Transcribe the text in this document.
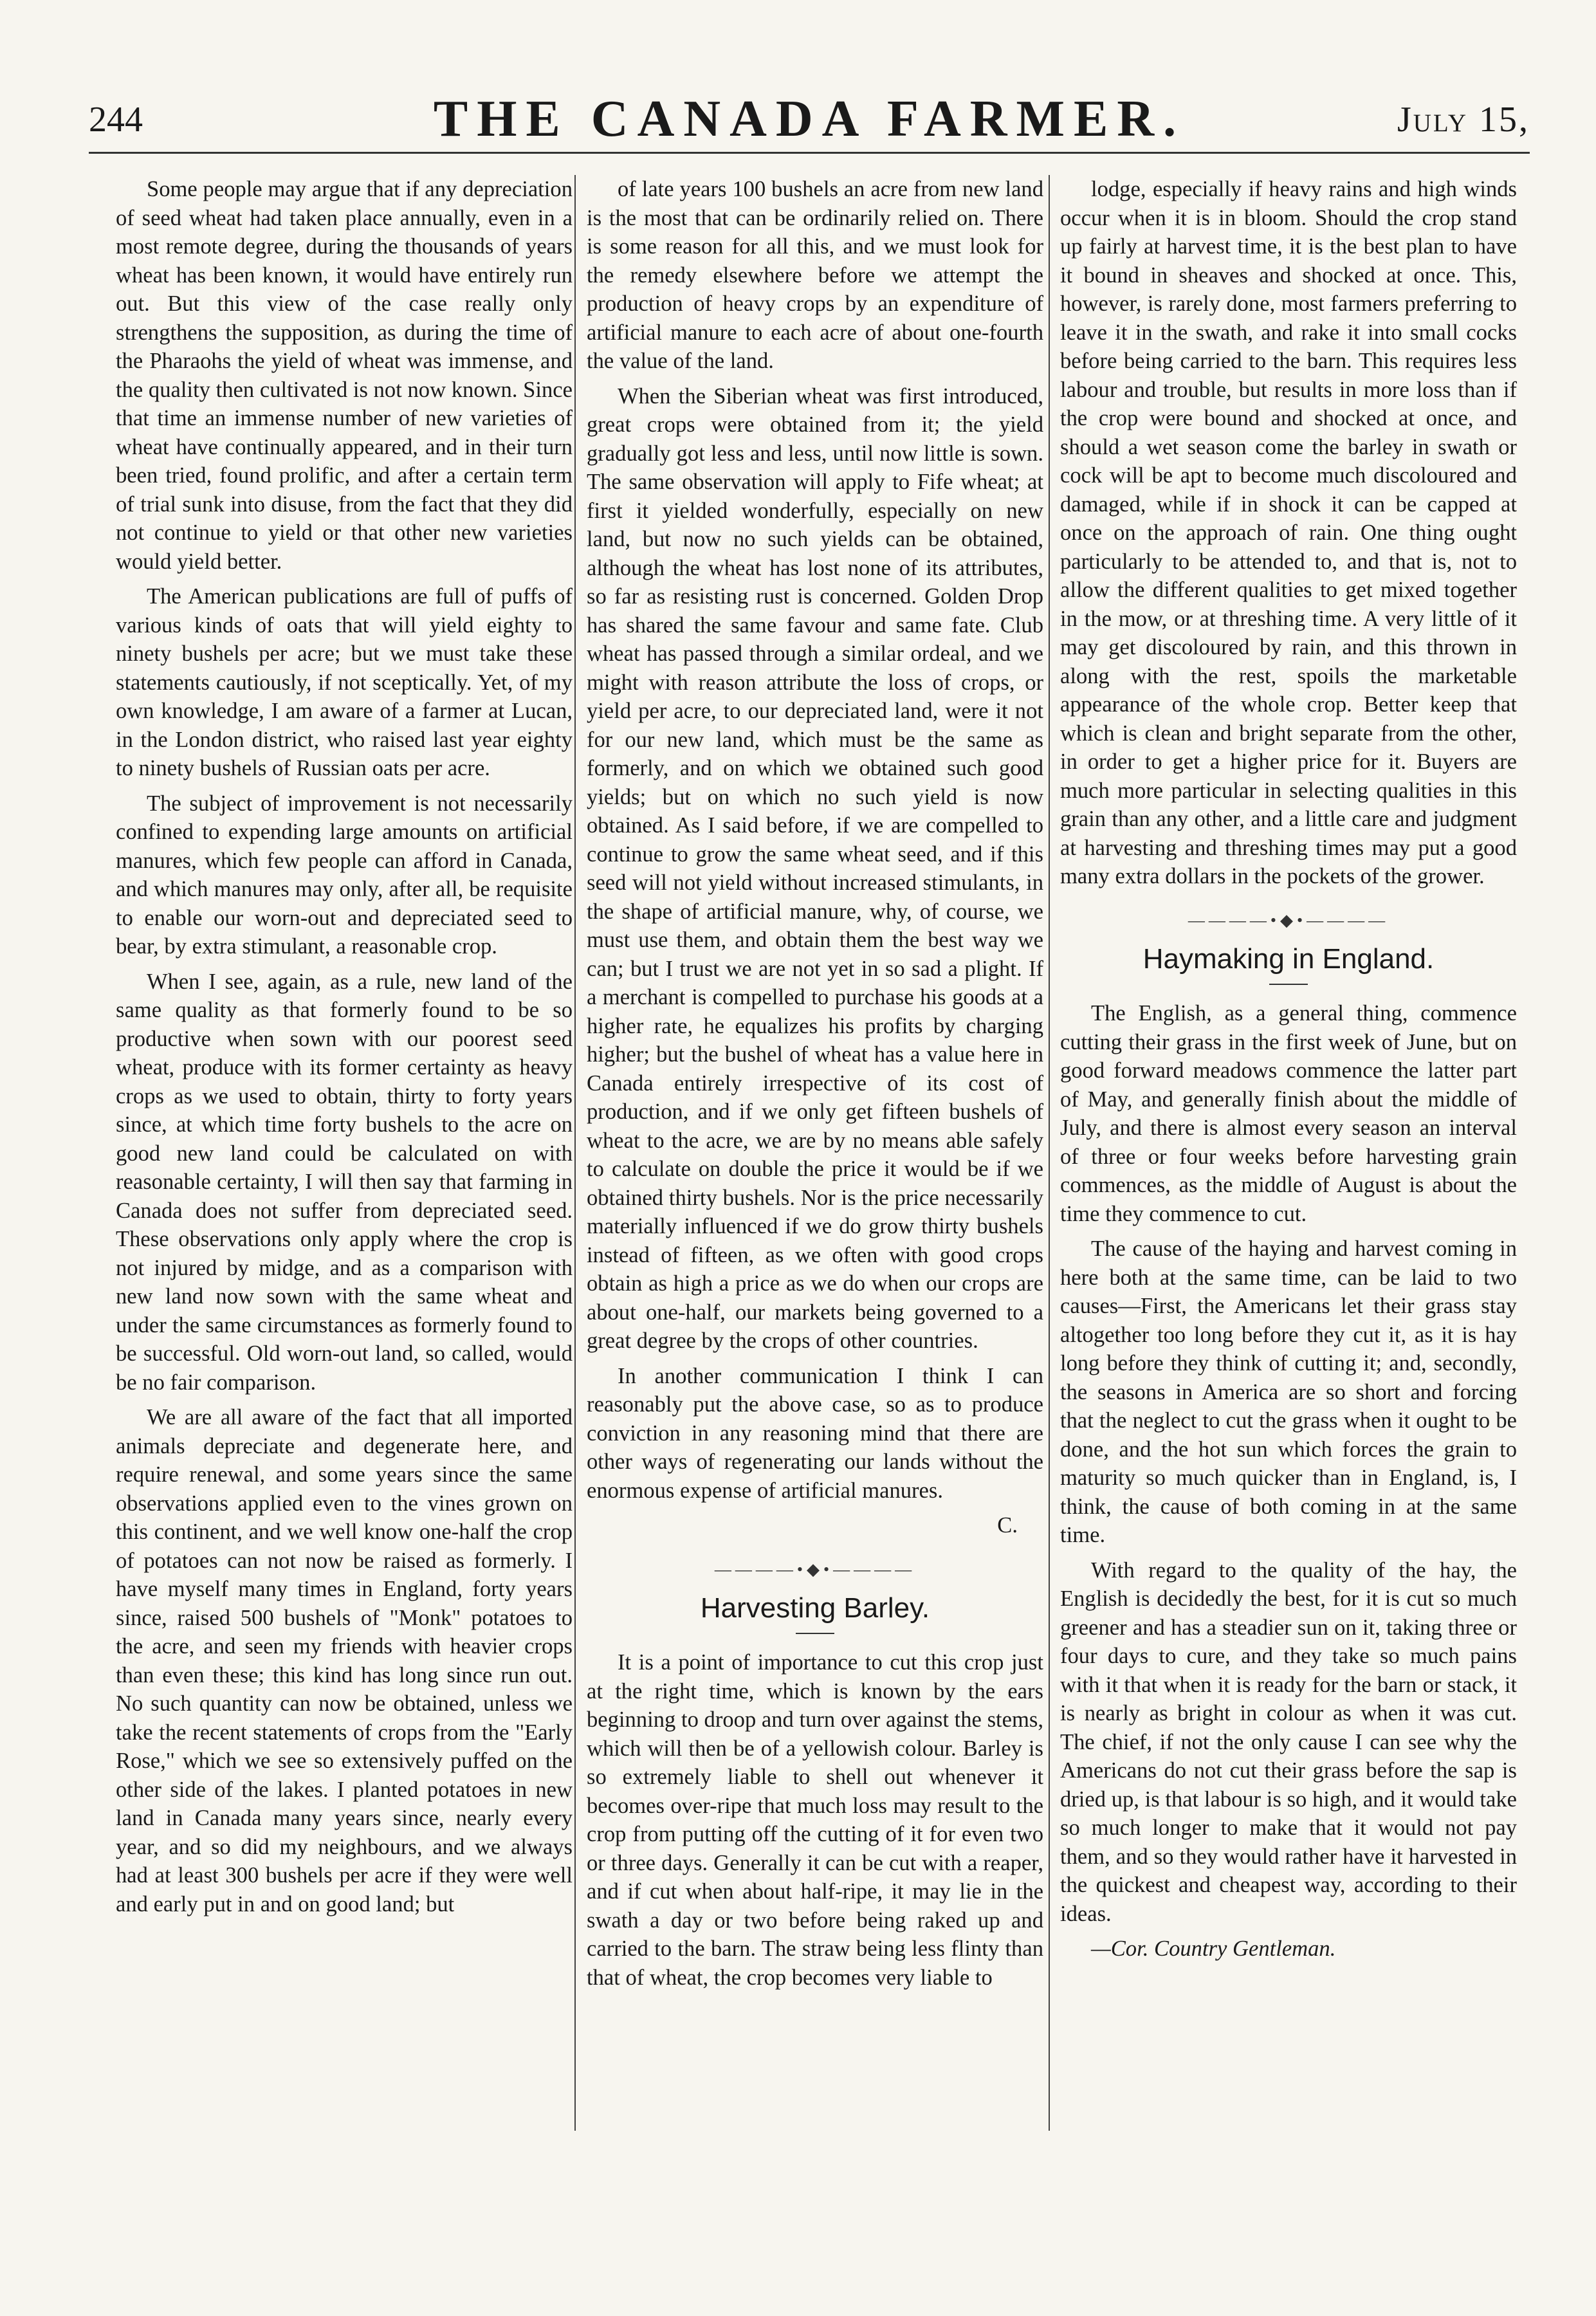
244	THE CANADA FARMER.	July 15,

Some people may argue that if any depreciation of seed wheat had taken place annually, even in a most remote degree, during the thousands of years wheat has been known, it would have entirely run out. But this view of the case really only strengthens the supposition, as during the time of the Pharaohs the yield of wheat was immense, and the quality then cultivated is not now known. Since that time an immense number of new varieties of wheat have continually appeared, and in their turn been tried, found prolific, and after a certain term of trial sunk into disuse, from the fact that they did not continue to yield or that other new varieties would yield better.

The American publications are full of puffs of various kinds of oats that will yield eighty to ninety bushels per acre; but we must take these statements cautiously, if not sceptically. Yet, of my own knowledge, I am aware of a farmer at Lucan, in the London district, who raised last year eighty to ninety bushels of Russian oats per acre.

The subject of improvement is not necessarily confined to expending large amounts on artificial manures, which few people can afford in Canada, and which manures may only, after all, be requisite to enable our worn-out and depreciated seed to bear, by extra stimulant, a reasonable crop.

When I see, again, as a rule, new land of the same quality as that formerly found to be so productive when sown with our poorest seed wheat, produce with its former certainty as heavy crops as we used to obtain, thirty to forty years since, at which time forty bushels to the acre on good new land could be calculated on with reasonable certainty, I will then say that farming in Canada does not suffer from depreciated seed. These observations only apply where the crop is not injured by midge, and as a comparison with new land now sown with the same wheat and under the same circumstances as formerly found to be successful. Old worn-out land, so called, would be no fair comparison.

We are all aware of the fact that all imported animals depreciate and degenerate here, and require renewal, and some years since the same observations applied even to the vines grown on this continent, and we well know one-half the crop of potatoes can not now be raised as formerly. I have myself many times in England, forty years since, raised 500 bushels of "Monk" potatoes to the acre, and seen my friends with heavier crops than even these; this kind has long since run out. No such quantity can now be obtained, unless we take the recent statements of crops from the "Early Rose," which we see so extensively puffed on the other side of the lakes. I planted potatoes in new land in Canada many years since, nearly every year, and so did my neighbours, and we always had at least 300 bushels per acre if they were well and early put in and on good land; but

of late years 100 bushels an acre from new land is the most that can be ordinarily relied on. There is some reason for all this, and we must look for the remedy elsewhere before we attempt the production of heavy crops by an expenditure of artificial manure to each acre of about one-fourth the value of the land.

When the Siberian wheat was first introduced, great crops were obtained from it; the yield gradually got less and less, until now little is sown. The same observation will apply to Fife wheat; at first it yielded wonderfully, especially on new land, but now no such yields can be obtained, although the wheat has lost none of its attributes, so far as resisting rust is concerned. Golden Drop has shared the same favour and same fate. Club wheat has passed through a similar ordeal, and we might with reason attribute the loss of crops, or yield per acre, to our depreciated land, were it not for our new land, which must be the same as formerly, and on which we obtained such good yields; but on which no such yield is now obtained. As I said before, if we are compelled to continue to grow the same wheat seed, and if this seed will not yield without increased stimulants, in the shape of artificial manure, why, of course, we must use them, and obtain them the best way we can; but I trust we are not yet in so sad a plight. If a merchant is compelled to purchase his goods at a higher rate, he equalizes his profits by charging higher; but the bushel of wheat has a value here in Canada entirely irrespective of its cost of production, and if we only get fifteen bushels of wheat to the acre, we are by no means able safely to calculate on double the price it would be if we obtained thirty bushels. Nor is the price necessarily materially influenced if we do grow thirty bushels instead of fifteen, as we often with good crops obtain as high a price as we do when our crops are about one-half, our markets being governed to a great degree by the crops of other countries.

In another communication I think I can reasonably put the above case, so as to produce conviction in any reasoning mind that there are other ways of regenerating our lands without the enormous expense of artificial manures.

C.
————•◆•————
Harvesting Barley.

It is a point of importance to cut this crop just at the right time, which is known by the ears beginning to droop and turn over against the stems, which will then be of a yellowish colour. Barley is so extremely liable to shell out whenever it becomes over-ripe that much loss may result to the crop from putting off the cutting of it for even two or three days. Generally it can be cut with a reaper, and if cut when about half-ripe, it may lie in the swath a day or two before being raked up and carried to the barn. The straw being less flinty than that of wheat, the crop becomes very liable to

lodge, especially if heavy rains and high winds occur when it is in bloom. Should the crop stand up fairly at harvest time, it is the best plan to have it bound in sheaves and shocked at once. This, however, is rarely done, most farmers preferring to leave it in the swath, and rake it into small cocks before being carried to the barn. This requires less labour and trouble, but results in more loss than if the crop were bound and shocked at once, and should a wet season come the barley in swath or cock will be apt to become much discoloured and damaged, while if in shock it can be capped at once on the approach of rain. One thing ought particularly to be attended to, and that is, not to allow the different qualities to get mixed together in the mow, or at threshing time. A very little of it may get discoloured by rain, and this thrown in along with the rest, spoils the marketable appearance of the whole crop. Better keep that which is clean and bright separate from the other, in order to get a higher price for it. Buyers are much more particular in selecting qualities in this grain than any other, and a little care and judgment at harvesting and threshing times may put a good many extra dollars in the pockets of the grower.

————•◆•————
Haymaking in England.

The English, as a general thing, commence cutting their grass in the first week of June, but on good forward meadows commence the latter part of May, and generally finish about the middle of July, and there is almost every season an interval of three or four weeks before harvesting grain commences, as the middle of August is about the time they commence to cut.

The cause of the haying and harvest coming in here both at the same time, can be laid to two causes—First, the Americans let their grass stay altogether too long before they cut it, as it is hay long before they think of cutting it; and, secondly, the seasons in America are so short and forcing that the neglect to cut the grass when it ought to be done, and the hot sun which forces the grain to maturity so much quicker than in England, is, I think, the cause of both coming in at the same time.

With regard to the quality of the hay, the English is decidedly the best, for it is cut so much greener and has a steadier sun on it, taking three or four days to cure, and they take so much pains with it that when it is ready for the barn or stack, it is nearly as bright in colour as when it was cut. The chief, if not the only cause I can see why the Americans do not cut their grass before the sap is dried up, is that labour is so high, and it would take so much longer to make that it would not pay them, and so they would rather have it harvested in the quickest and cheapest way, according to their ideas.

—Cor. Country Gentleman.
